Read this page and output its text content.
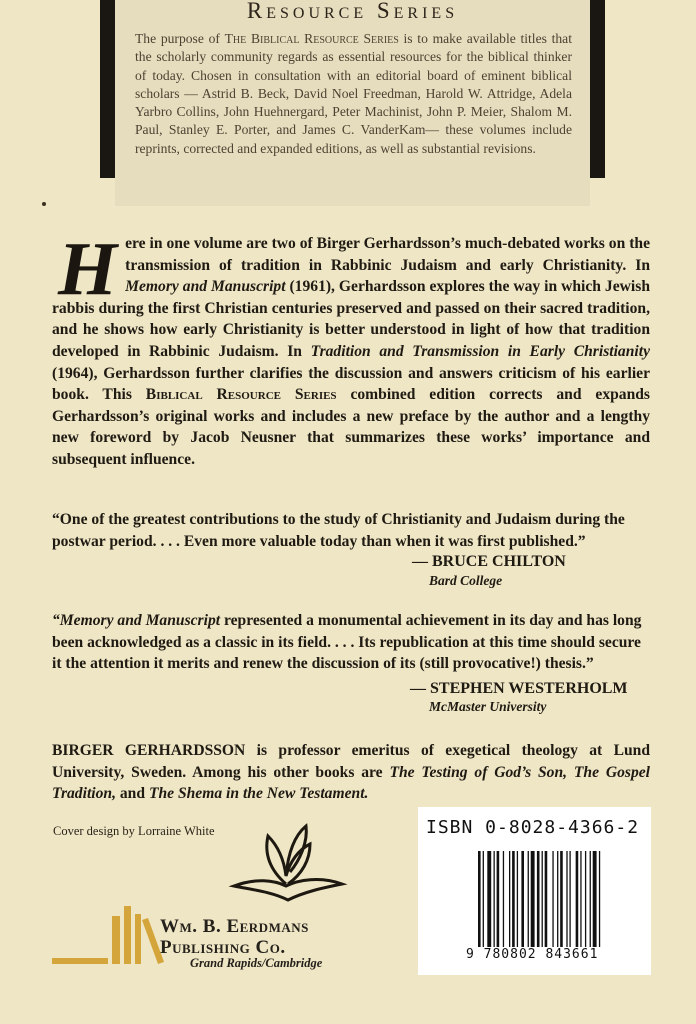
Resource Series
The purpose of The Biblical Resource Series is to make available titles that the scholarly community regards as essential resources for the biblical thinker of today. Chosen in consultation with an editorial board of eminent biblical scholars — Astrid B. Beck, David Noel Freedman, Harold W. Attridge, Adela Yarbro Collins, John Huehnergard, Peter Machinist, John P. Meier, Shalom M. Paul, Stanley E. Porter, and James C. VanderKam— these volumes include reprints, corrected and expanded editions, as well as substantial revisions.
Here in one volume are two of Birger Gerhardsson’s much-debated works on the transmission of tradition in Rabbinic Judaism and early Christianity. In Memory and Manuscript (1961), Gerhardsson explores the way in which Jewish rabbis during the first Christian centuries preserved and passed on their sacred tradition, and he shows how early Christianity is better understood in light of how that tradition developed in Rabbinic Judaism. In Tradition and Transmission in Early Christianity (1964), Gerhardsson further clarifies the discussion and answers criticism of his earlier book. This Biblical Resource Series combined edition corrects and expands Gerhardsson’s original works and includes a new preface by the author and a lengthy new foreword by Jacob Neusner that summarizes these works’ importance and subsequent influence.
“One of the greatest contributions to the study of Christianity and Judaism during the postwar period. . . . Even more valuable today than when it was first published.”
— BRUCE CHILTON
Bard College
“Memory and Manuscript represented a monumental achievement in its day and has long been acknowledged as a classic in its field. . . . Its republication at this time should secure it the attention it merits and renew the discussion of its (still provocative!) thesis.”
— STEPHEN WESTERHOLM
McMaster University
BIRGER GERHARDSSON is professor emeritus of exegetical theology at Lund University, Sweden. Among his other books are The Testing of God’s Son, The Gospel Tradition, and The Shema in the New Testament.
Cover design by Lorraine White
Wm. B. Eerdmans
Publishing Co.
Grand Rapids/Cambridge
ISBN 0-8028-4366-2
9 780802 843661
